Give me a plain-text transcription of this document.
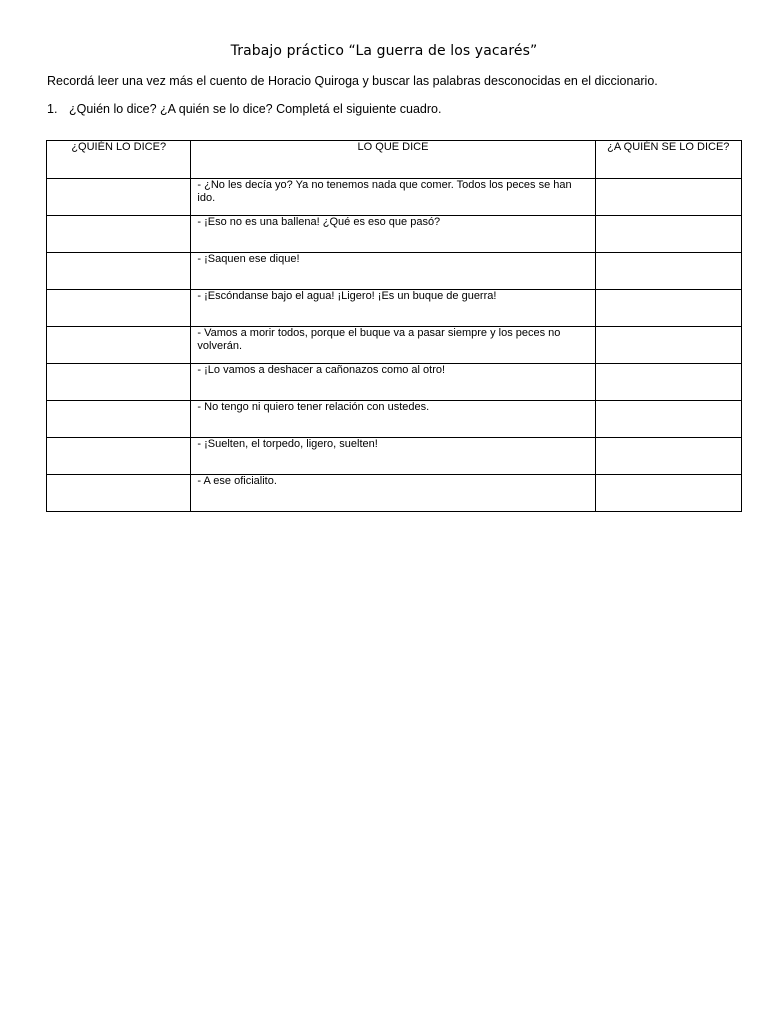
Trabajo práctico “La guerra de los yacarés”
Recordá leer una vez más el cuento de Horacio Quiroga y buscar las palabras desconocidas en el diccionario.
1. ¿Quién lo dice? ¿A quién se lo dice? Completá el siguiente cuadro.
¿QUIÉN LO DICE?	LO QUE DICE	¿A QUIÉN SE LO DICE?
	- ¿No les decía yo? Ya no tenemos nada que comer. Todos los peces se han ido.	
	- ¡Eso no es una ballena! ¿Qué es eso que pasó?	
	- ¡Saquen ese dique!	
	- ¡Escóndanse bajo el agua! ¡Ligero! ¡Es un buque de guerra!	
	- Vamos a morir todos, porque el buque va a pasar siempre y los peces no volverán.	
	- ¡Lo vamos a deshacer a cañonazos como al otro!	
	- No tengo ni quiero tener relación con ustedes.	
	- ¡Suelten, el torpedo, ligero, suelten!	
	- A ese oficialito.	
